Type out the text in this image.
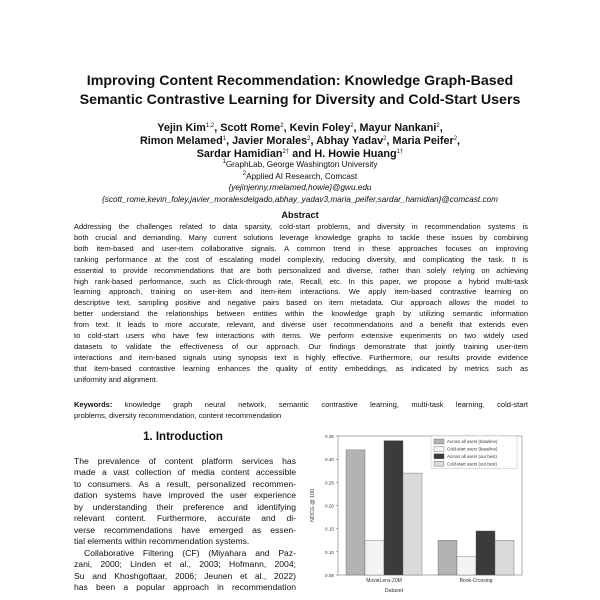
Improving Content Recommendation: Knowledge Graph-Based
Semantic Contrastive Learning for Diversity and Cold-Start Users
Yejin Kim$^{1,2}$, Scott Rome$^2$, Kevin Foley$^2$, Mayur Nankani$^2$,
Rimon Melamed$^1$, Javier Morales$^2$, Abhay Yadav$^2$, Maria Peifer$^2$,
Sardar Hamidian$^{2\dagger}$ and H. Howie Huang$^{1\dagger}$
$^1$GraphLab, George Washington University
$^2$Applied AI Research, Comcast
{yejinjenny,rmelamed,howie}@gwu.edu
{scott_rome,kevin_foley,javier_moralesdelgado,abhay_yadav3,maria_peifer,sardar_hamidian}@comcast.com
Abstract
Addressing the challenges related to data sparsity, cold-start problems, and diversity in recommendation systems is
both crucial and demanding. Many current solutions leverage knowledge graphs to tackle these issues by combining
both item-based and user-item collaborative signals. A common trend in these approaches focuses on improving
ranking performance at the cost of escalating model complexity, reducing diversity, and complicating the task. It is
essential to provide recommendations that are both personalized and diverse, rather than solely relying on achieving
high rank-based performance, such as Click-through rate, Recall, etc. In this paper, we propose a hybrid multi-task
learning approach, training on user-item and item-item interactions. We apply item-based contrastive learning on
descriptive text, sampling positive and negative pairs based on item metadata. Our approach allows the model to
better understand the relationships between entities within the knowledge graph by utilizing semantic information
from text. It leads to more accurate, relevant, and diverse user recommendations and a benefit that extends even
to cold-start users who have few interactions with items. We perform extensive experiments on two widely used
datasets to validate the effectiveness of our approach. Our findings demonstrate that jointly training user-item
interactions and item-based signals using synopsis text is highly effective. Furthermore, our results provide evidence
that item-based contrastive learning enhances the quality of entity embeddings, as indicated by metrics such as
uniformity and alignment.
Keywords: knowledge graph neural network, semantic contrastive learning, multi-task learning, cold-start
problems, diversity recommendation, content recommendation
1. Introduction
The prevalence of content platform services has
made a vast collection of media content accessible
to consumers. As a result, personalized recommen-
dation systems have improved the user experience
by understanding their preference and identifying
relevant content. Furthermore, accurate and di-
verse recommendations have emerged as essen-
tial elements within recommendation systems.
Collaborative Filtering (CF) (Miyahara and Paz-
zani, 2000; Linden et al., 2003; Hofmann, 2004;
Su and Khoshgoftaar, 2006; Jeunen et al., 2022)
has been a popular approach in recommendation
0.05
0.10
0.15
0.20
0.25
0.30
0.35
NDCG @ 100
MovieLens-20M	Book-Crossing
Dataset
Across all users (baseline)
Cold-start users (baseline)
Across all users (our best)
Cold-start users (our best)
